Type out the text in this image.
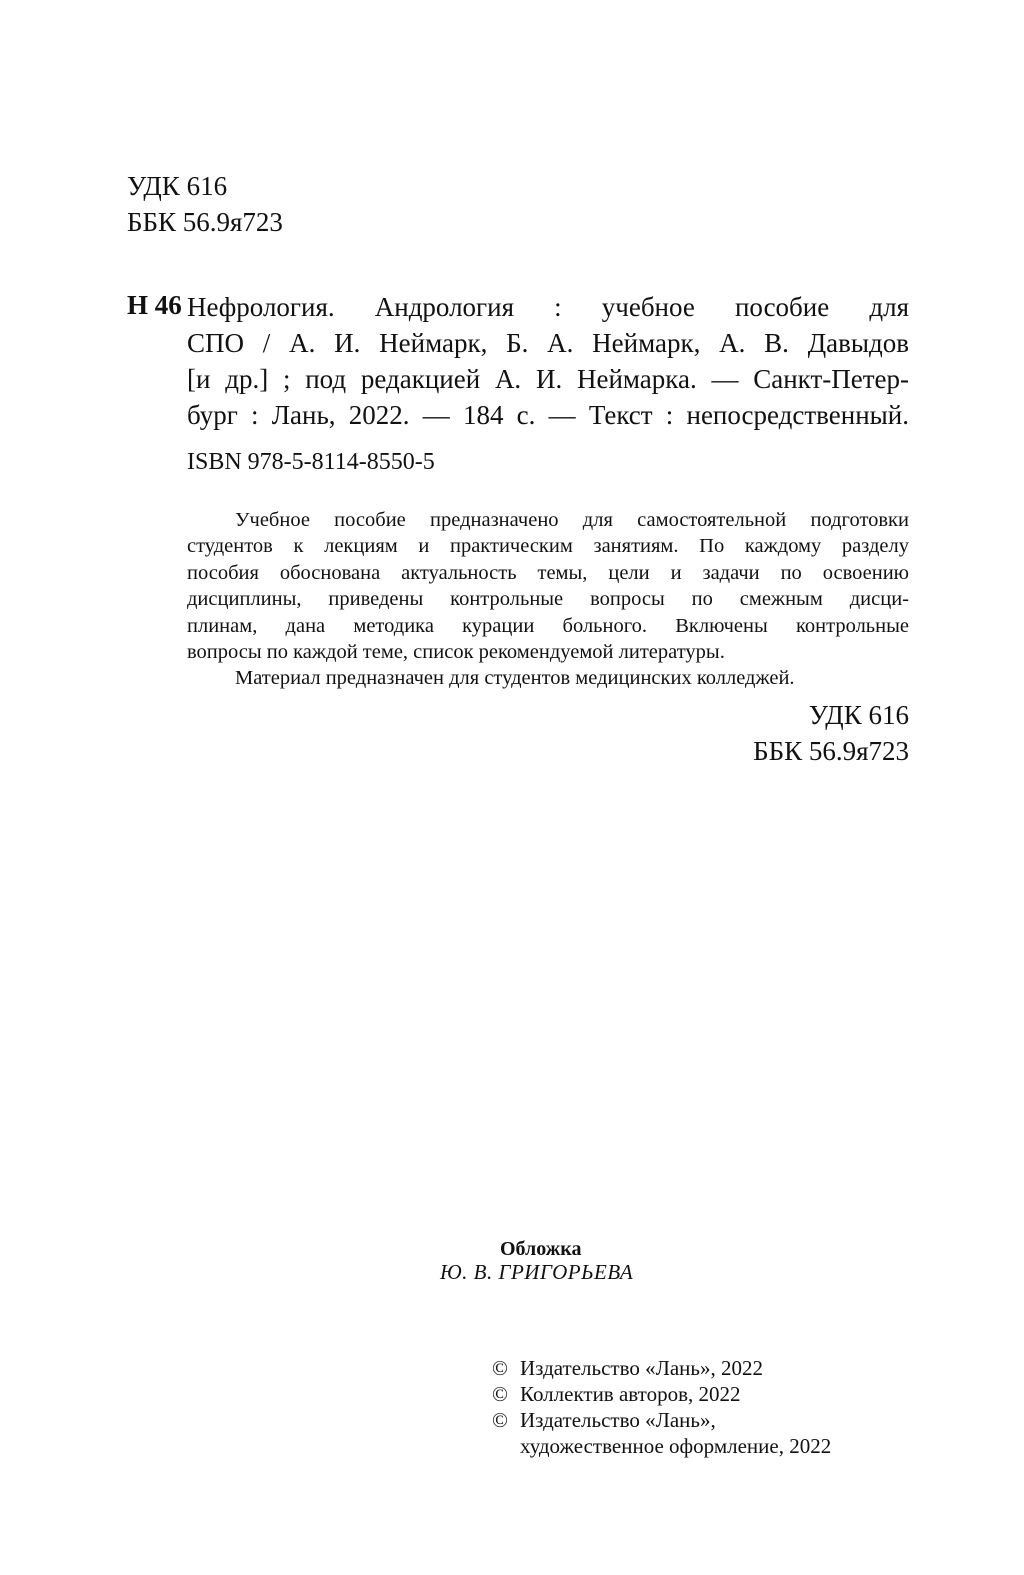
УДК 616
ББК 56.9я723
Н 46 Нефрология. Андрология : учебное пособие для
СПО / А. И. Неймарк, Б. А. Неймарк, А. В. Давыдов
[и др.] ; под редакцией А. И. Неймарка. — Санкт-Петер-
бург : Лань, 2022. — 184 с. — Текст : непосредственный.
ISBN 978-5-8114-8550-5
Учебное пособие предназначено для самостоятельной подготовки
студентов к лекциям и практическим занятиям. По каждому разделу
пособия обоснована актуальность темы, цели и задачи по освоению
дисциплины, приведены контрольные вопросы по смежным дисци-
плинам, дана методика курации больного. Включены контрольные
вопросы по каждой теме, список рекомендуемой литературы.
Материал предназначен для студентов медицинских колледжей.
УДК 616
ББК 56.9я723
Обложка
Ю. В. ГРИГОРЬЕВА
© Издательство «Лань», 2022
© Коллектив авторов, 2022
© Издательство «Лань»,
художественное оформление, 2022
